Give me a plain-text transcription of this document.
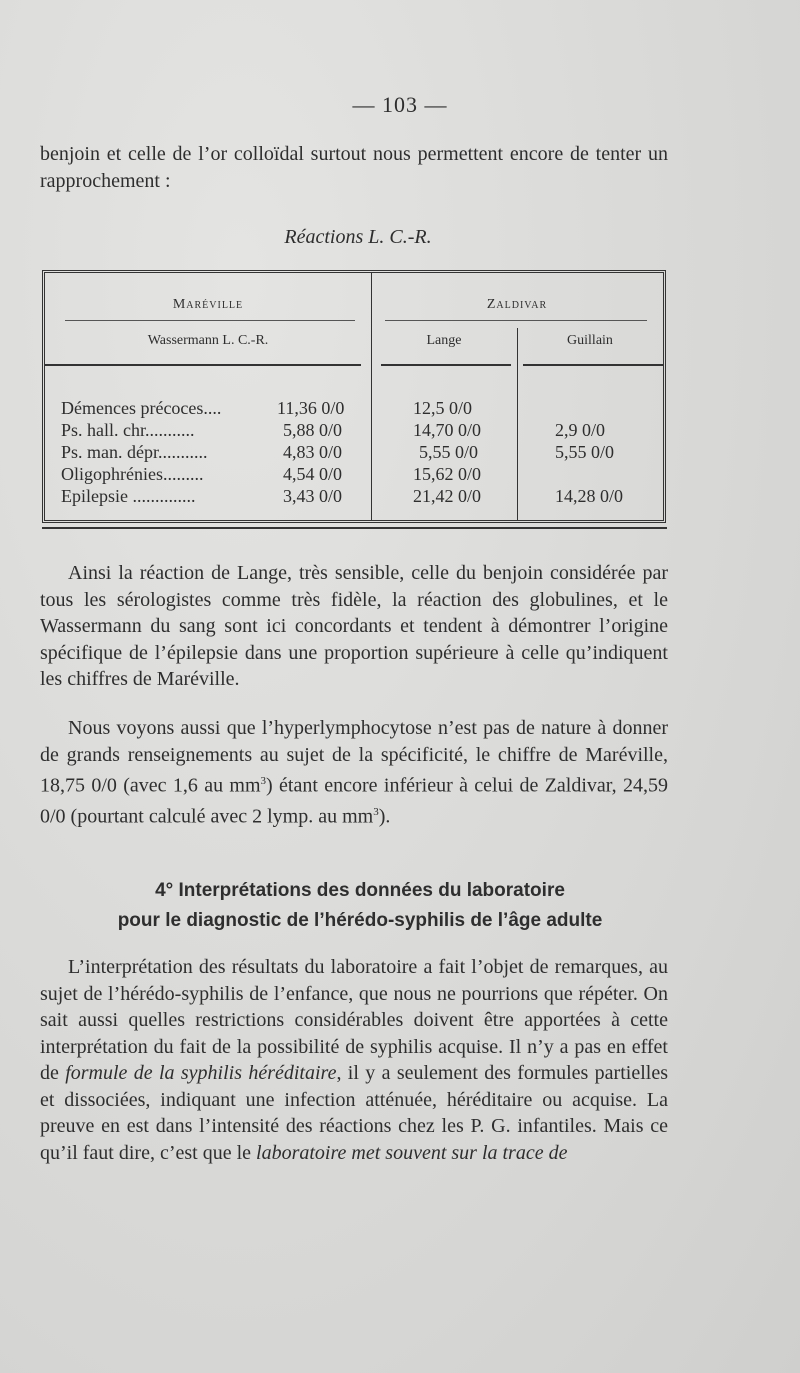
— 103 —

benjoin et celle de l’or colloïdal surtout nous permettent encore de tenter un rapprochement :

Réactions L. C.-R.
Maréville	Zaldivar
Wassermann L. C.-R.	Lange	Guillain
Démences précoces....	11,36 0/0	12,5 0/0
Ps. hall. chr...........	5,88 0/0	14,70 0/0	2,9 0/0
Ps. man. dépr...........	4,83 0/0	5,55 0/0	5,55 0/0
Oligophrénies.........	4,54 0/0	15,62 0/0
Epilepsie ..............	3,43 0/0	21,42 0/0	14,28 0/0

Ainsi la réaction de Lange, très sensible, celle du benjoin considérée par tous les sérologistes comme très fidèle, la réaction des globulines, et le Wassermann du sang sont ici concordants et tendent à démontrer l’origine spécifique de l’épilepsie dans une proportion supérieure à celle qu’indiquent les chiffres de Maréville.

Nous voyons aussi que l’hyperlymphocytose n’est pas de nature à donner de grands renseignements au sujet de la spécificité, le chiffre de Maréville, 18,75 0/0 (avec 1,6 au $mm^3$) étant encore inférieur à celui de Zaldivar, 24,59 0/0 (pourtant calculé avec 2 lymp. au $mm^3$).

4° Interprétations des données du laboratoire
pour le diagnostic de l’hérédo-syphilis de l’âge adulte

L’interprétation des résultats du laboratoire a fait l’objet de remarques, au sujet de l’hérédo-syphilis de l’enfance, que nous ne pourrions que répéter. On sait aussi quelles restrictions considérables doivent être apportées à cette interprétation du fait de la possibilité de syphilis acquise. Il n’y a pas en effet de formule de la syphilis héréditaire, il y a seulement des formules partielles et dissociées, indiquant une infection atténuée, héréditaire ou acquise. La preuve en est dans l’intensité des réactions chez les P. G. infantiles. Mais ce qu’il faut dire, c’est que le laboratoire met souvent sur la trace de
